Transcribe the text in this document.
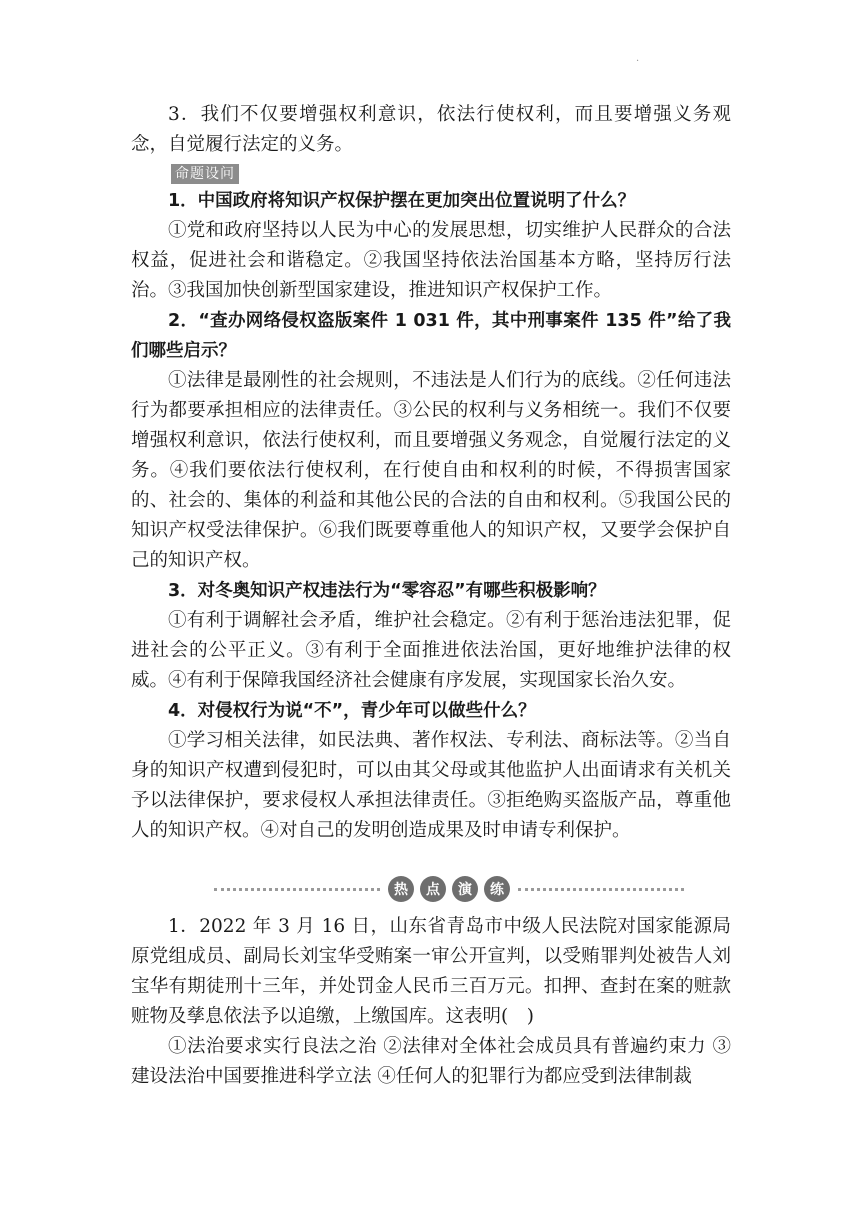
·

3．我们不仅要增强权利意识，依法行使权利，而且要增强义务观念，自觉履行法定的义务。

命题设问

1．中国政府将知识产权保护摆在更加突出位置说明了什么？

①党和政府坚持以人民为中心的发展思想，切实维护人民群众的合法权益，促进社会和谐稳定。②我国坚持依法治国基本方略，坚持厉行法治。③我国加快创新型国家建设，推进知识产权保护工作。

2．“查办网络侵权盗版案件 1 031 件，其中刑事案件 135 件”给了我们哪些启示？

①法律是最刚性的社会规则，不违法是人们行为的底线。②任何违法行为都要承担相应的法律责任。③公民的权利与义务相统一。我们不仅要增强权利意识，依法行使权利，而且要增强义务观念，自觉履行法定的义务。④我们要依法行使权利，在行使自由和权利的时候，不得损害国家的、社会的、集体的利益和其他公民的合法的自由和权利。⑤我国公民的知识产权受法律保护。⑥我们既要尊重他人的知识产权，又要学会保护自己的知识产权。

3．对冬奥知识产权违法行为“零容忍”有哪些积极影响？

①有利于调解社会矛盾，维护社会稳定。②有利于惩治违法犯罪，促进社会的公平正义。③有利于全面推进依法治国，更好地维护法律的权威。④有利于保障我国经济社会健康有序发展，实现国家长治久安。

4．对侵权行为说“不”，青少年可以做些什么？

①学习相关法律，如民法典、著作权法、专利法、商标法等。②当自身的知识产权遭到侵犯时，可以由其父母或其他监护人出面请求有关机关予以法律保护，要求侵权人承担法律责任。③拒绝购买盗版产品，尊重他人的知识产权。④对自己的发明创造成果及时申请专利保护。

热	点	演	练

1．2022 年 3 月 16 日，山东省青岛市中级人民法院对国家能源局原党组成员、副局长刘宝华受贿案一审公开宣判，以受贿罪判处被告人刘宝华有期徒刑十三年，并处罚金人民币三百万元。扣押、查封在案的赃款赃物及孳息依法予以追缴，上缴国库。这表明(　)

①法治要求实行良法之治 ②法律对全体社会成员具有普遍约束力 ③建设法治中国要推进科学立法 ④任何人的犯罪行为都应受到法律制裁
